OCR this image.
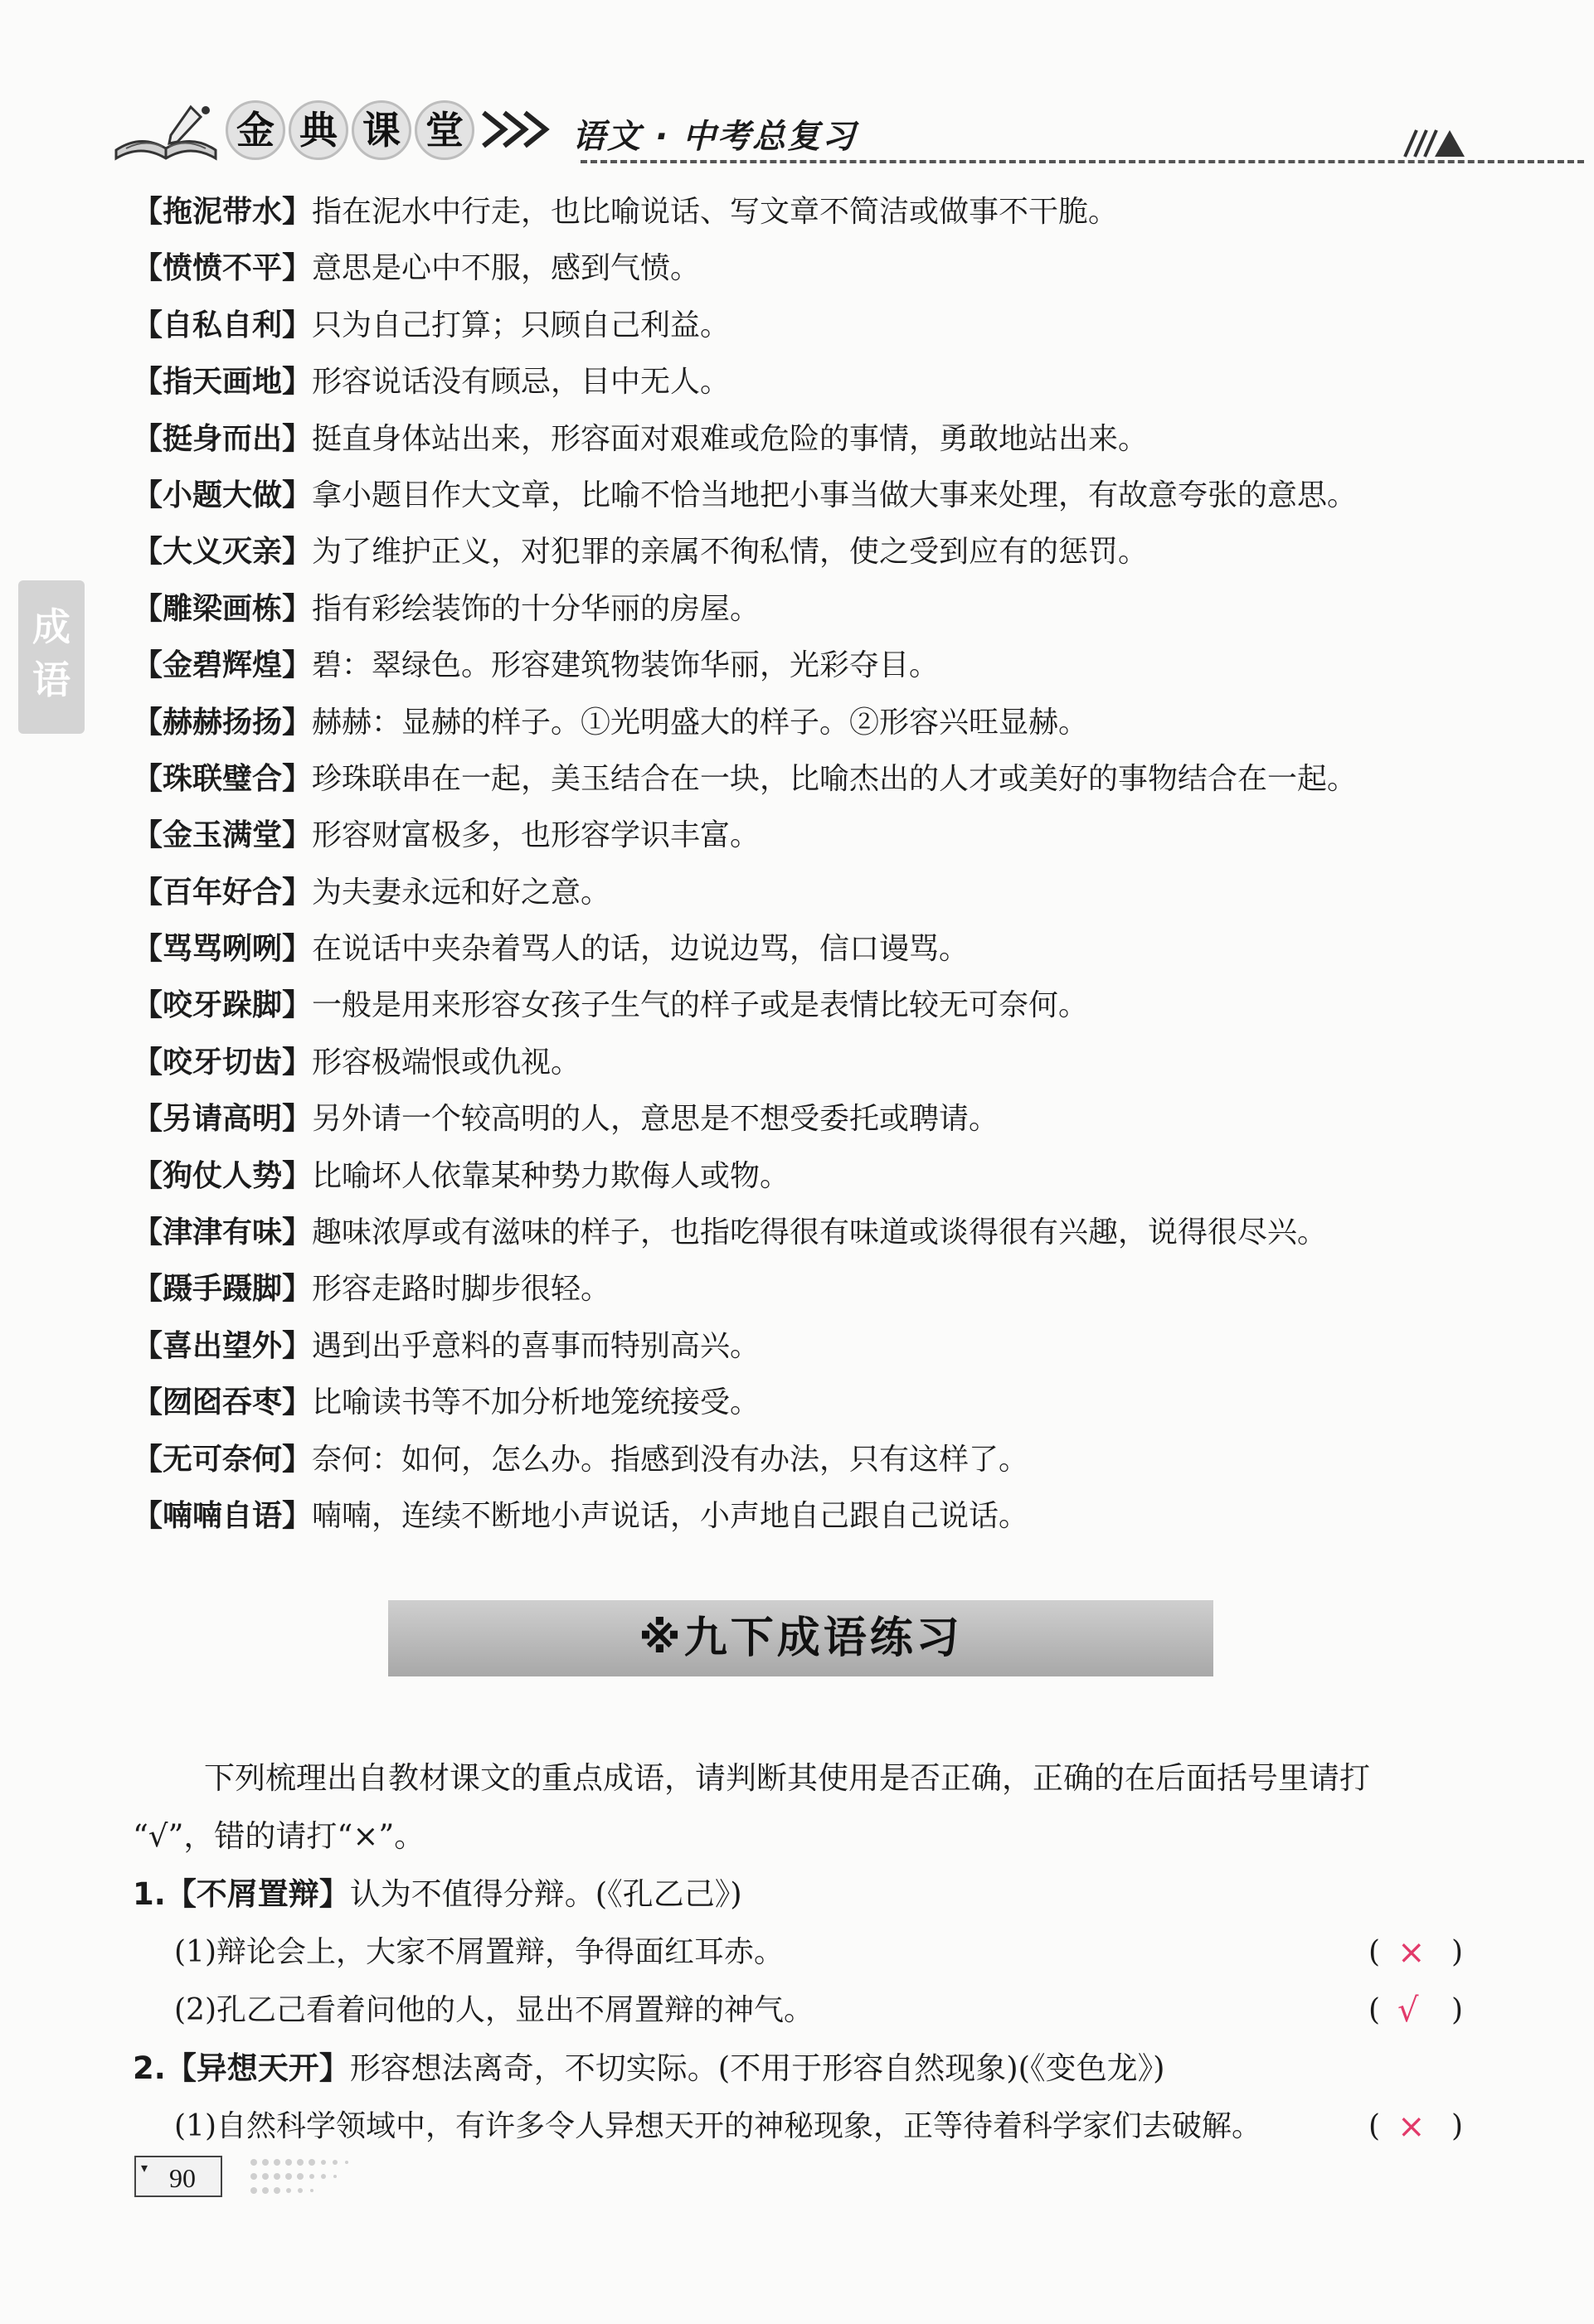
金 典 课 堂	语文 · 中考总复习
成
语
【拖泥带水】指在泥水中行走，也比喻说话、写文章不简洁或做事不干脆。
【愤愤不平】意思是心中不服，感到气愤。
【自私自利】只为自己打算；只顾自己利益。
【指天画地】形容说话没有顾忌，目中无人。
【挺身而出】挺直身体站出来，形容面对艰难或危险的事情，勇敢地站出来。
【小题大做】拿小题目作大文章，比喻不恰当地把小事当做大事来处理，有故意夸张的意思。
【大义灭亲】为了维护正义，对犯罪的亲属不徇私情，使之受到应有的惩罚。
【雕梁画栋】指有彩绘装饰的十分华丽的房屋。
【金碧辉煌】碧：翠绿色。形容建筑物装饰华丽，光彩夺目。
【赫赫扬扬】赫赫：显赫的样子。①光明盛大的样子。②形容兴旺显赫。
【珠联璧合】珍珠联串在一起，美玉结合在一块，比喻杰出的人才或美好的事物结合在一起。
【金玉满堂】形容财富极多，也形容学识丰富。
【百年好合】为夫妻永远和好之意。
【骂骂咧咧】在说话中夹杂着骂人的话，边说边骂，信口谩骂。
【咬牙跺脚】一般是用来形容女孩子生气的样子或是表情比较无可奈何。
【咬牙切齿】形容极端恨或仇视。
【另请高明】另外请一个较高明的人，意思是不想受委托或聘请。
【狗仗人势】比喻坏人依靠某种势力欺侮人或物。
【津津有味】趣味浓厚或有滋味的样子，也指吃得很有味道或谈得很有兴趣，说得很尽兴。
【蹑手蹑脚】形容走路时脚步很轻。
【喜出望外】遇到出乎意料的喜事而特别高兴。
【囫囵吞枣】比喻读书等不加分析地笼统接受。
【无可奈何】奈何：如何，怎么办。指感到没有办法，只有这样了。
【喃喃自语】喃喃，连续不断地小声说话，小声地自己跟自己说话。
※九下成语练习
下列梳理出自教材课文的重点成语，请判断其使用是否正确，正确的在后面括号里请打
“√”，错的请打“×”。
1.【不屑置辩】认为不值得分辩。(《孔乙己》)
(1)辩论会上，大家不屑置辩，争得面红耳赤。	( × )
(2)孔乙己看着问他的人，显出不屑置辩的神气。	( √ )
2.【异想天开】形容想法离奇，不切实际。(不用于形容自然现象)(《变色龙》)
(1)自然科学领域中，有许多令人异想天开的神秘现象，正等待着科学家们去破解。	( × )
▾ 90
